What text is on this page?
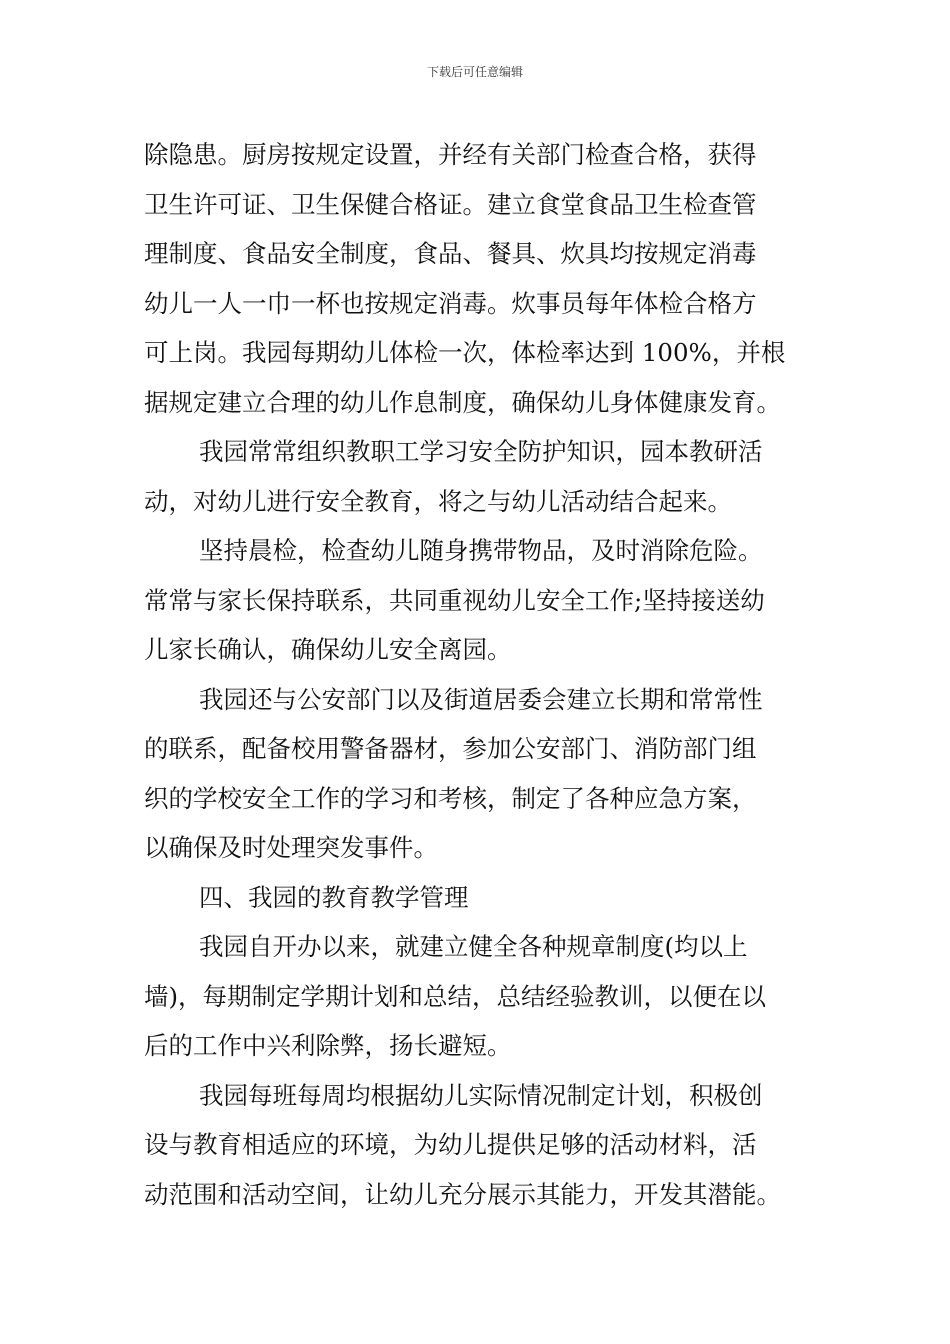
下载后可任意编辑
除隐患。厨房按规定设置，并经有关部门检查合格，获得
卫生许可证、卫生保健合格证。建立食堂食品卫生检查管
理制度、食品安全制度，食品、餐具、炊具均按规定消毒
幼儿一人一巾一杯也按规定消毒。炊事员每年体检合格方
可上岗。我园每期幼儿体检一次，体检率达到 100%，并根
据规定建立合理的幼儿作息制度，确保幼儿身体健康发育。
我园常常组织教职工学习安全防护知识，园本教研活
动，对幼儿进行安全教育，将之与幼儿活动结合起来。
坚持晨检，检查幼儿随身携带物品，及时消除危险。
常常与家长保持联系，共同重视幼儿安全工作;坚持接送幼
儿家长确认，确保幼儿安全离园。
我园还与公安部门以及街道居委会建立长期和常常性
的联系，配备校用警备器材，参加公安部门、消防部门组
织的学校安全工作的学习和考核，制定了各种应急方案，
以确保及时处理突发事件。
四、我园的教育教学管理
我园自开办以来，就建立健全各种规章制度(均以上
墙)，每期制定学期计划和总结，总结经验教训，以便在以
后的工作中兴利除弊，扬长避短。
我园每班每周均根据幼儿实际情况制定计划，积极创
设与教育相适应的环境，为幼儿提供足够的活动材料，活
动范围和活动空间，让幼儿充分展示其能力，开发其潜能。
